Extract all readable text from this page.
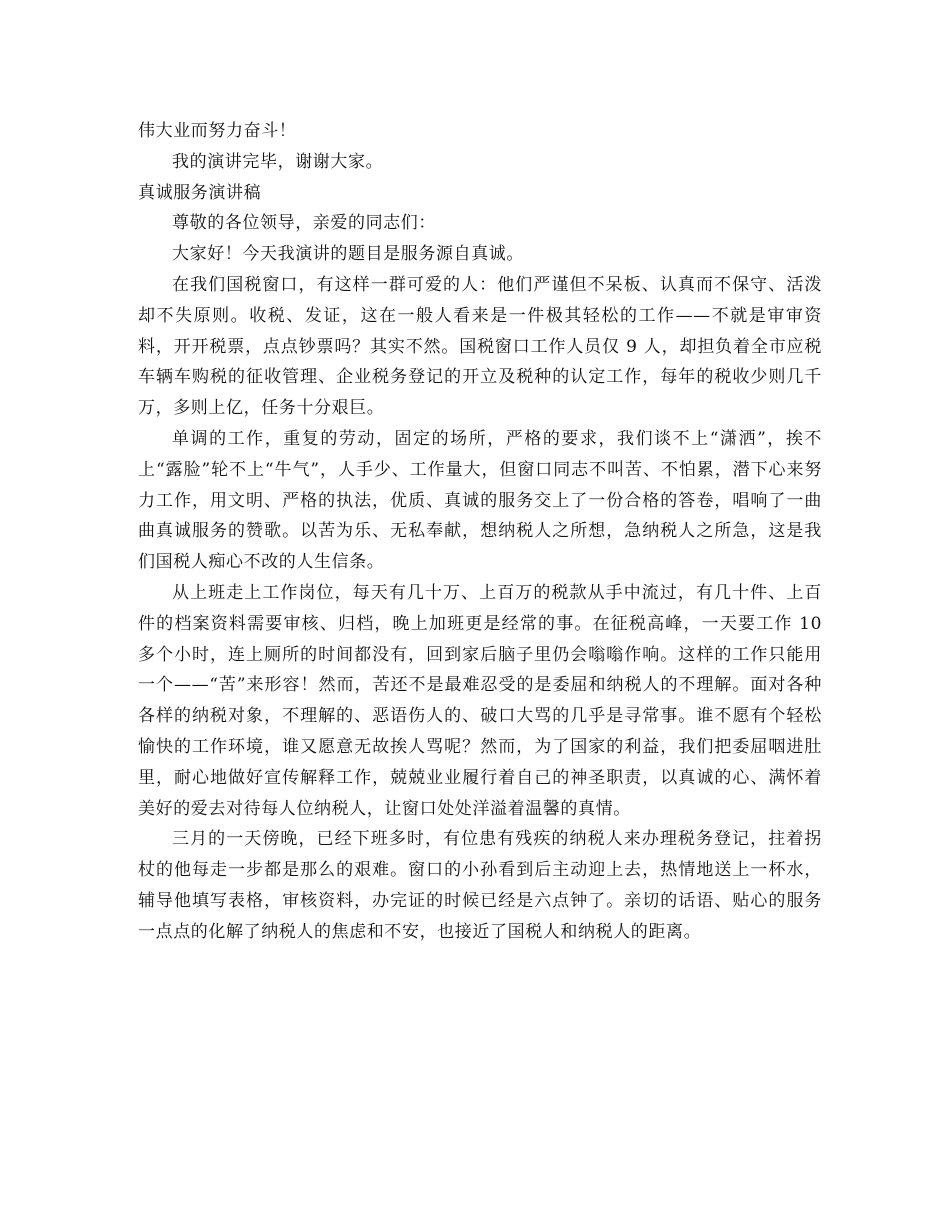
伟大业而努力奋斗！

我的演讲完毕，谢谢大家。

真诚服务演讲稿

尊敬的各位领导，亲爱的同志们：

大家好！今天我演讲的题目是服务源自真诚。

在我们国税窗口，有这样一群可爱的人：他们严谨但不呆板、认真而不保守、活泼却不失原则。收税、发证，这在一般人看来是一件极其轻松的工作——不就是审审资料，开开税票，点点钞票吗？其实不然。国税窗口工作人员仅 9 人，却担负着全市应税车辆车购税的征收管理、企业税务登记的开立及税种的认定工作，每年的税收少则几千万，多则上亿，任务十分艰巨。

单调的工作，重复的劳动，固定的场所，严格的要求，我们谈不上“潇洒”，挨不上“露脸”轮不上“牛气”，人手少、工作量大，但窗口同志不叫苦、不怕累，潜下心来努力工作，用文明、严格的执法，优质、真诚的服务交上了一份合格的答卷，唱响了一曲曲真诚服务的赞歌。以苦为乐、无私奉献，想纳税人之所想，急纳税人之所急，这是我们国税人痴心不改的人生信条。

从上班走上工作岗位，每天有几十万、上百万的税款从手中流过，有几十件、上百件的档案资料需要审核、归档，晚上加班更是经常的事。在征税高峰，一天要工作 10 多个小时，连上厕所的时间都没有，回到家后脑子里仍会嗡嗡作响。这样的工作只能用一个——“苦”来形容！然而，苦还不是最难忍受的是委屈和纳税人的不理解。面对各种各样的纳税对象，不理解的、恶语伤人的、破口大骂的几乎是寻常事。谁不愿有个轻松愉快的工作环境，谁又愿意无故挨人骂呢？然而，为了国家的利益，我们把委屈咽进肚里，耐心地做好宣传解释工作，兢兢业业履行着自己的神圣职责，以真诚的心、满怀着美好的爱去对待每人位纳税人，让窗口处处洋溢着温馨的真情。

三月的一天傍晚，已经下班多时，有位患有残疾的纳税人来办理税务登记，拄着拐杖的他每走一步都是那么的艰难。窗口的小孙看到后主动迎上去，热情地送上一杯水，辅导他填写表格，审核资料，办完证的时候已经是六点钟了。亲切的话语、贴心的服务一点点的化解了纳税人的焦虑和不安，也接近了国税人和纳税人的距离。
